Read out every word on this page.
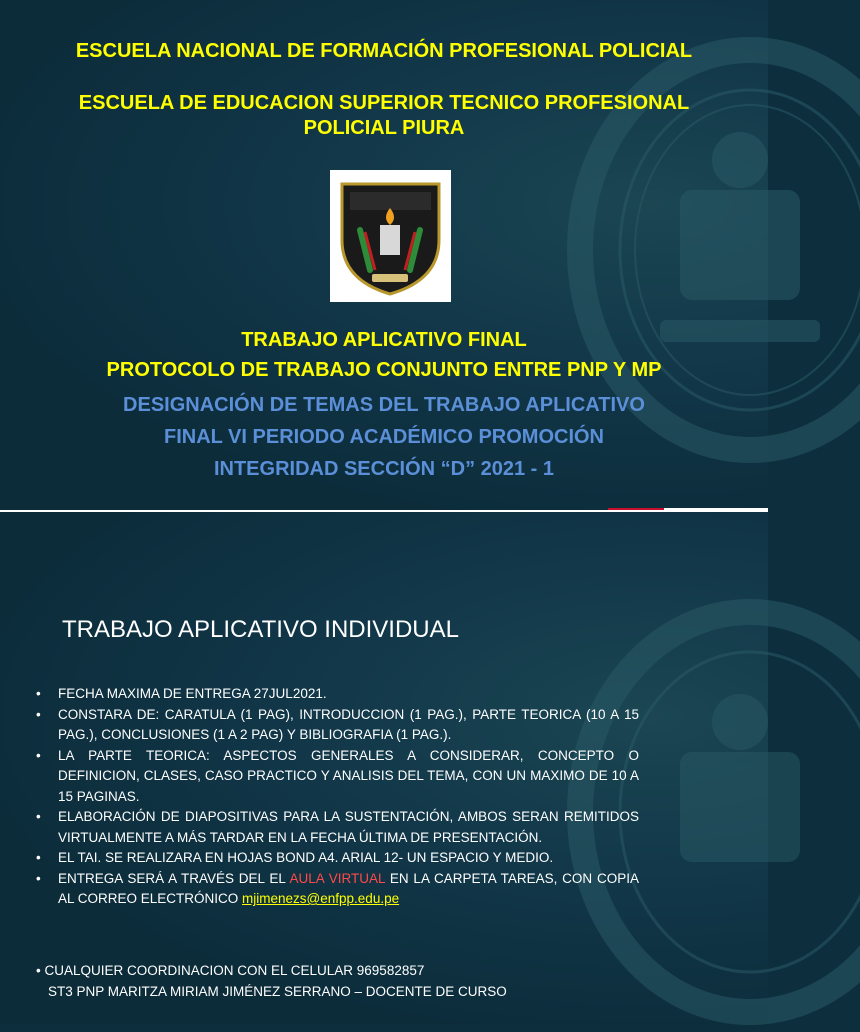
ESCUELA NACIONAL DE FORMACIÓN PROFESIONAL POLICIAL
ESCUELA DE EDUCACION SUPERIOR TECNICO PROFESIONAL
POLICIAL PIURA
TRABAJO APLICATIVO FINAL
PROTOCOLO DE TRABAJO CONJUNTO ENTRE PNP Y MP
DESIGNACIÓN DE TEMAS DEL TRABAJO APLICATIVO
FINAL VI PERIODO ACADÉMICO PROMOCIÓN
INTEGRIDAD SECCIÓN “D” 2021 - 1
TRABAJO APLICATIVO INDIVIDUAL
•	FECHA MAXIMA DE ENTREGA 27JUL2021.
•	CONSTARA DE: CARATULA (1 PAG), INTRODUCCION (1 PAG.), PARTE TEORICA (10 A 15 PAG.), CONCLUSIONES (1 A 2 PAG) Y BIBLIOGRAFIA (1 PAG.).
•	LA PARTE TEORICA: ASPECTOS GENERALES A CONSIDERAR, CONCEPTO O DEFINICION, CLASES, CASO PRACTICO Y ANALISIS DEL TEMA, CON UN MAXIMO DE 10 A 15 PAGINAS.
•	ELABORACIÓN DE DIAPOSITIVAS PARA LA SUSTENTACIÓN, AMBOS SERAN REMITIDOS VIRTUALMENTE A MÁS TARDAR EN LA FECHA ÚLTIMA DE PRESENTACIÓN.
•	EL TAI. SE REALIZARA EN HOJAS BOND A4. ARIAL 12- UN ESPACIO Y MEDIO.
•	ENTREGA SERÁ A TRAVÉS DEL EL AULA VIRTUAL EN LA CARPETA TAREAS, CON COPIA AL CORREO ELECTRÓNICO mjimenezs@enfpp.edu.pe
• CUALQUIER COORDINACION CON EL CELULAR 969582857
ST3 PNP MARITZA MIRIAM JIMÉNEZ SERRANO – DOCENTE DE CURSO
